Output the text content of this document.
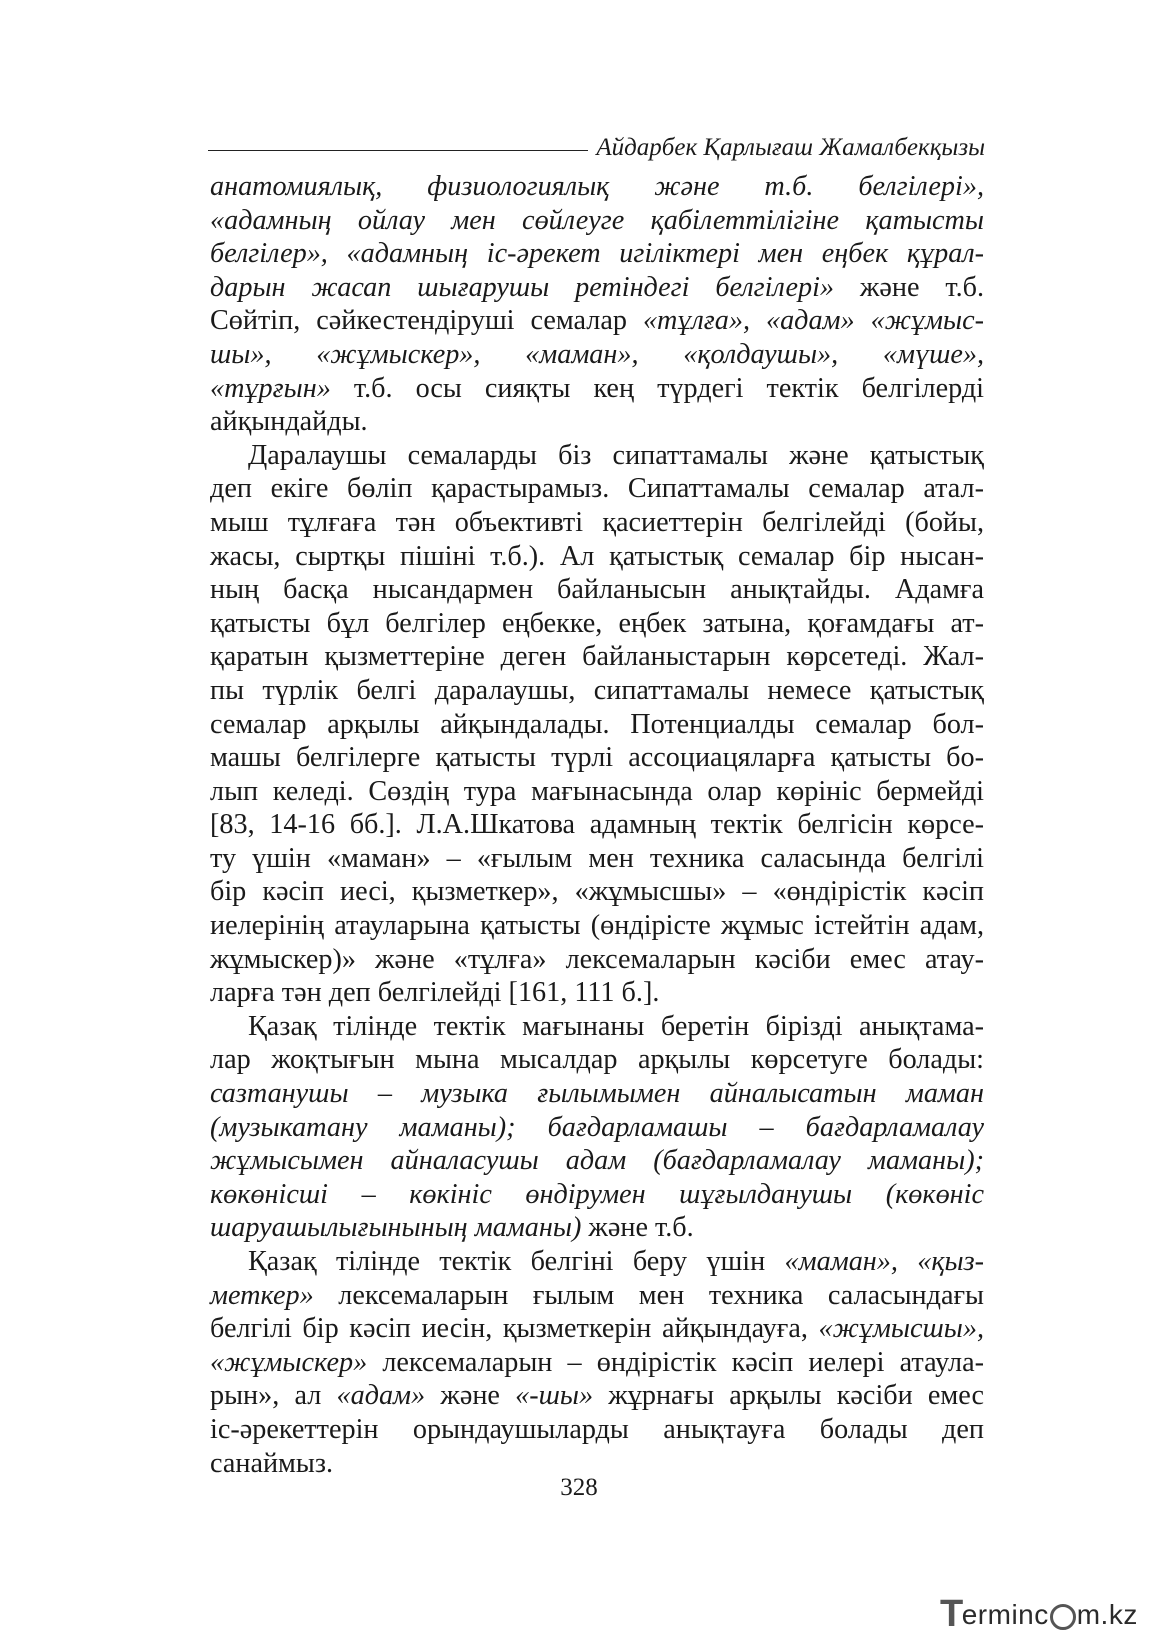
Айдарбек Қарлығаш Жамалбекқызы

анатомиялық, физиологиялық және т.б. белгілері»,
«адамның ойлау мен сөйлеуге қабілеттілігіне қатысты
белгілер», «адамның іс-әрекет игіліктері мен еңбек құрал-
дарын жасап шығарушы ретіндегі белгілері» және т.б.
Сөйтіп, сәйкестендіруші семалар «тұлға», «адам» «жұмыс-
шы», «жұмыскер», «маман», «қолдаушы», «мүше»,
«тұрғын» т.б. осы сияқты кең түрдегі тектік белгілерді
айқындайды.

Даралаушы семаларды біз сипаттамалы және қатыстық
деп екіге бөліп қарастырамыз. Сипаттамалы семалар атал-
мыш тұлғаға тән объективті қасиеттерін белгілейді (бойы,
жасы, сыртқы пішіні т.б.). Ал қатыстық семалар бір нысан-
ның басқа нысандармен байланысын анықтайды. Адамға
қатысты бұл белгілер еңбекке, еңбек затына, қоғамдағы ат-
қаратын қызметтеріне деген байланыстарын көрсетеді. Жал-
пы түрлік белгі даралаушы, сипаттамалы немесе қатыстық
семалар арқылы айқындалады. Потенциалды семалар бол-
машы белгілерге қатысты түрлі ассоциацяларға қатысты бо-
лып келеді. Сөздің тура мағынасында олар көрініс бермейді
[83, 14-16 бб.]. Л.А.Шкатова адамның тектік белгісін көрсе-
ту үшін «маман» – «ғылым мен техника саласында белгілі
бір кәсіп иесі, қызметкер», «жұмысшы» – «өндірістік кәсіп
иелерінің атауларына қатысты (өндірісте жұмыс істейтін адам,
жұмыскер)» және «тұлға» лексемаларын кәсіби емес атау-
ларға тән деп белгілейді [161, 111 б.].

Қазақ тілінде тектік мағынаны беретін бірізді анықтама-
лар жоқтығын мына мысалдар арқылы көрсетуге болады:
сазтанушы – музыка ғылымымен айналысатын маман
(музыкатану маманы); бағдарламашы – бағдарламалау
жұмысымен айналасушы адам (бағдарламалау маманы);
көкөнісші – көкініс өндірумен шұғылданушы (көкөніс
шаруашылығынының маманы) және т.б.

Қазақ тілінде тектік белгіні беру үшін «маман», «қыз-
меткер» лексемаларын ғылым мен техника саласындағы
белгілі бір кәсіп иесін, қызметкерін айқындауға, «жұмысшы»,
«жұмыскер» лексемаларын – өндірістік кәсіп иелері атаула-
рын», ал «адам» және «-шы» жұрнағы арқылы кәсіби емес
іс-әрекеттерін орындаушыларды анықтауға болады деп
санаймыз.

328
T
erminc m.kz
